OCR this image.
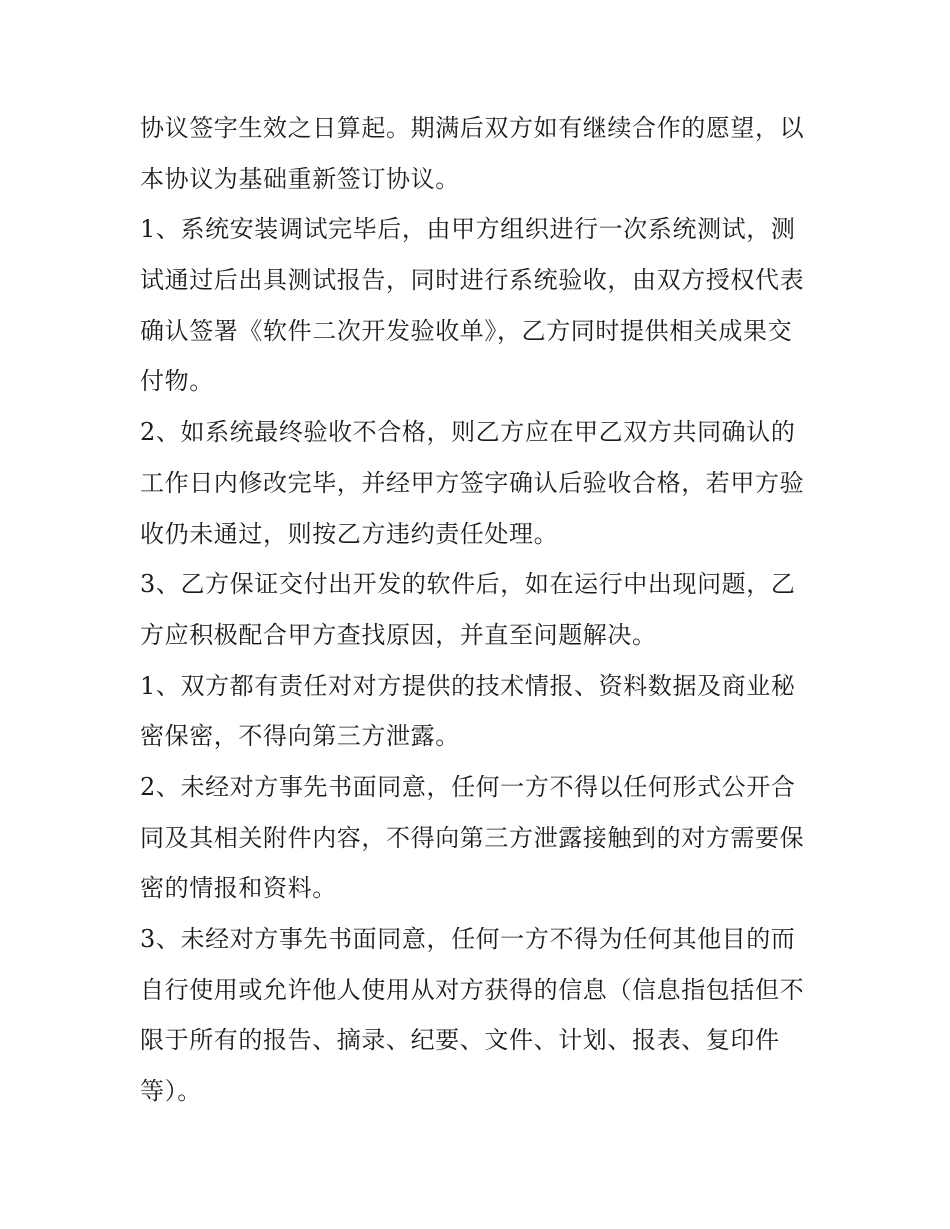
协议签字生效之日算起。期满后双方如有继续合作的愿望，以
本协议为基础重新签订协议。
1、系统安装调试完毕后，由甲方组织进行一次系统测试，测
试通过后出具测试报告，同时进行系统验收，由双方授权代表
确认签署《软件二次开发验收单》，乙方同时提供相关成果交
付物。
2、如系统最终验收不合格，则乙方应在甲乙双方共同确认的
工作日内修改完毕，并经甲方签字确认后验收合格，若甲方验
收仍未通过，则按乙方违约责任处理。
3、乙方保证交付出开发的软件后，如在运行中出现问题，乙
方应积极配合甲方查找原因，并直至问题解决。
1、双方都有责任对对方提供的技术情报、资料数据及商业秘
密保密，不得向第三方泄露。
2、未经对方事先书面同意，任何一方不得以任何形式公开合
同及其相关附件内容，不得向第三方泄露接触到的对方需要保
密的情报和资料。
3、未经对方事先书面同意，任何一方不得为任何其他目的而
自行使用或允许他人使用从对方获得的信息（信息指包括但不
限于所有的报告、摘录、纪要、文件、计划、报表、复印件
等）。
